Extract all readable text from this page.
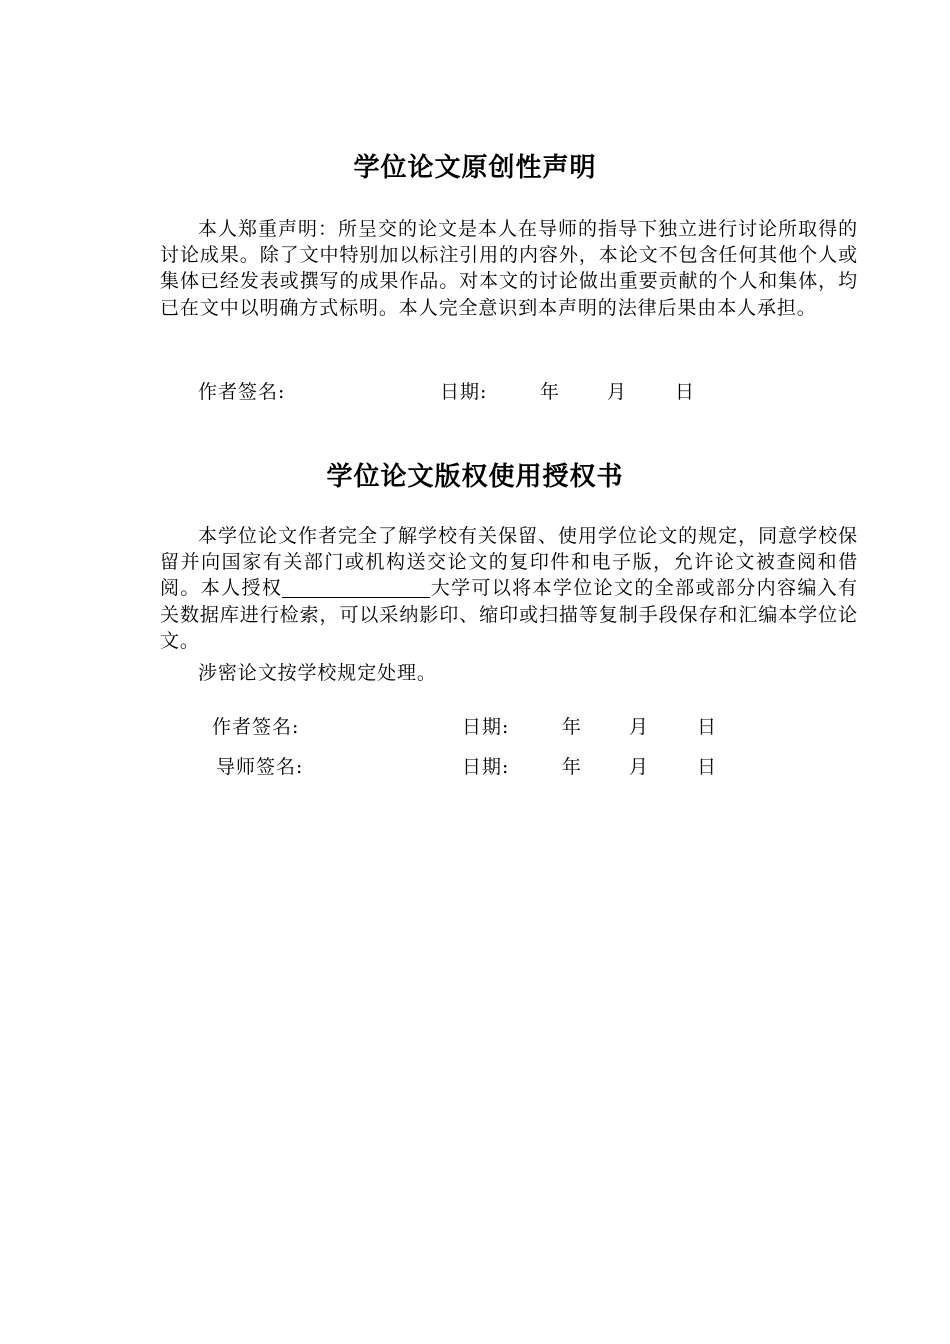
学位论文原创性声明

本人郑重声明：所呈交的论文是本人在导师的指导下独立进行讨论所取得的讨论成果。除了文中特别加以标注引用的内容外，本论文不包含任何其他个人或集体已经发表或撰写的成果作品。对本文的讨论做出重要贡献的个人和集体，均已在文中以明确方式标明。本人完全意识到本声明的法律后果由本人承担。

作者签名:	日期:	年 月	日
学位论文版权使用授权书

本学位论文作者完全了解学校有关保留、使用学位论文的规定，同意学校保留并向国家有关部门或机构送交论文的复印件和电子版，允许论文被查阅和借阅。本人授权	大学可以将本学位论文的全部或部分内容编入有关数据库进行检索，可以采纳影印、缩印或扫描等复制手段保存和汇编本学位论文。

涉密论文按学校规定处理。

作者签名:	日期:	年 月	日
导师签名:	日期:	年 月	日
